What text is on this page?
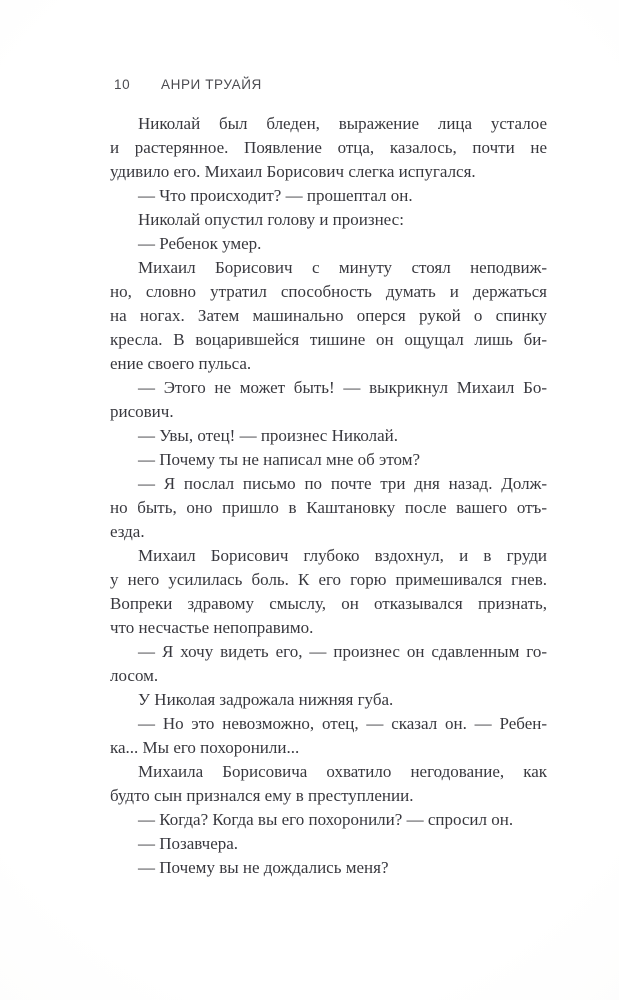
10 АНРИ ТРУАЙЯ
Николай был бледен, выражение лица усталое
и растерянное. Появление отца, казалось, почти не
удивило его. Михаил Борисович слегка испугался.
— Что происходит? — прошептал он.
Николай опустил голову и произнес:
— Ребенок умер.
Михаил Борисович с минуту стоял неподвиж-
но, словно утратил способность думать и держаться
на ногах. Затем машинально оперся рукой о спинку
кресла. В воцарившейся тишине он ощущал лишь би-
ение своего пульса.
— Этого не может быть! — выкрикнул Михаил Бо-
рисович.
— Увы, отец! — произнес Николай.
— Почему ты не написал мне об этом?
— Я послал письмо по почте три дня назад. Долж-
но быть, оно пришло в Каштановку после вашего отъ-
езда.
Михаил Борисович глубоко вздохнул, и в груди
у него усилилась боль. К его горю примешивался гнев.
Вопреки здравому смыслу, он отказывался признать,
что несчастье непоправимо.
— Я хочу видеть его, — произнес он сдавленным го-
лосом.
У Николая задрожала нижняя губа.
— Но это невозможно, отец, — сказал он. — Ребен-
ка... Мы его похоронили...
Михаила Борисовича охватило негодование, как
будто сын признался ему в преступлении.
— Когда? Когда вы его похоронили? — спросил он.
— Позавчера.
— Почему вы не дождались меня?
